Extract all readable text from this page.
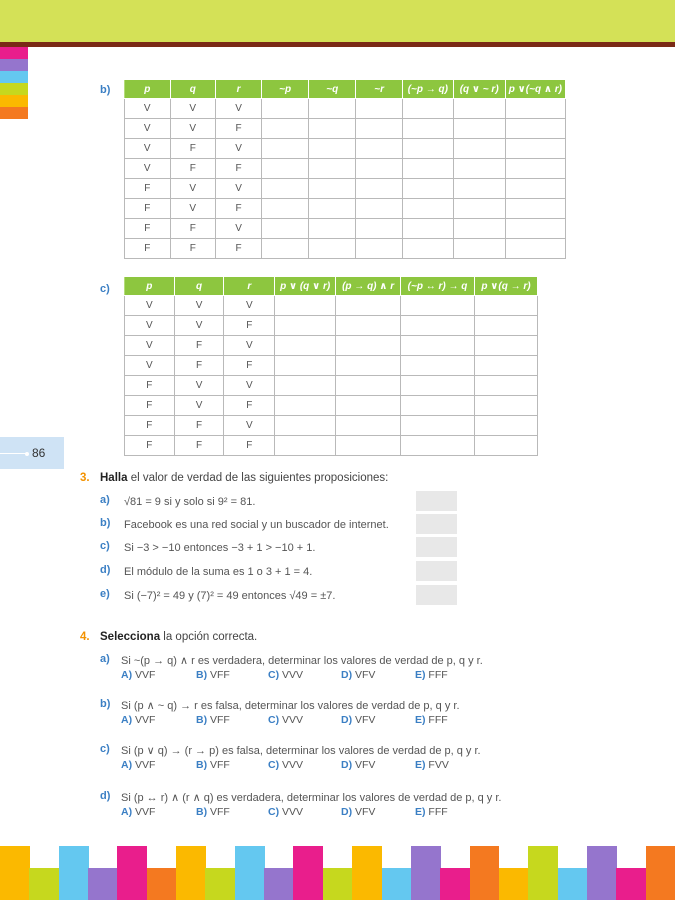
86
b)	p	q	r	~p	~q	~r	(~p → q)	(q ∨ ~ r)	p ∨(~q ∧ r)
V	V	V						
V	V	F						
V	F	V						
V	F	F						
F	V	V						
F	V	F						
F	F	V						
F	F	F						
c)	p	q	r	p ∨ (q ∨ r)	(p → q) ∧ r	(~p ↔ r) → q	p ∨(q → r)
V	V	V				
V	V	F				
V	F	V				
V	F	F				
F	V	V				
F	V	F				
F	F	V				
F	F	F				
3. Halla el valor de verdad de las siguientes proposiciones:
a) √81 = 9 si y solo si 9² = 81.
b) Facebook es una red social y un buscador de internet.
c) Si −3 > −10 entonces −3 + 1 > −10 + 1.
d) El módulo de la suma es 1 o 3 + 1 = 4.
e) Si (−7)² = 49 y (7)² = 49 entonces √49 = ±7.
4. Selecciona la opción correcta.
a) Si ~(p → q) ∧ r es verdadera, determinar los valores de verdad de p, q y r.
A) VVF	B) VFF	C) VVV	D) VFV	E) FFF
b) Si (p ∧ ~ q) → r es falsa, determinar los valores de verdad de p, q y r.
A) VVF	B) VFF	C) VVV	D) VFV	E) FFF
c) Si (p ∨ q) → (r → p) es falsa, determinar los valores de verdad de p, q y r.
A) VVF	B) VFF	C) VVV	D) VFV	E) FVV
d) Si (p ↔ r) ∧ (r ∧ q) es verdadera, determinar los valores de verdad de p, q y r.
A) VVF	B) VFF	C) VVV	D) VFV	E) FFF
